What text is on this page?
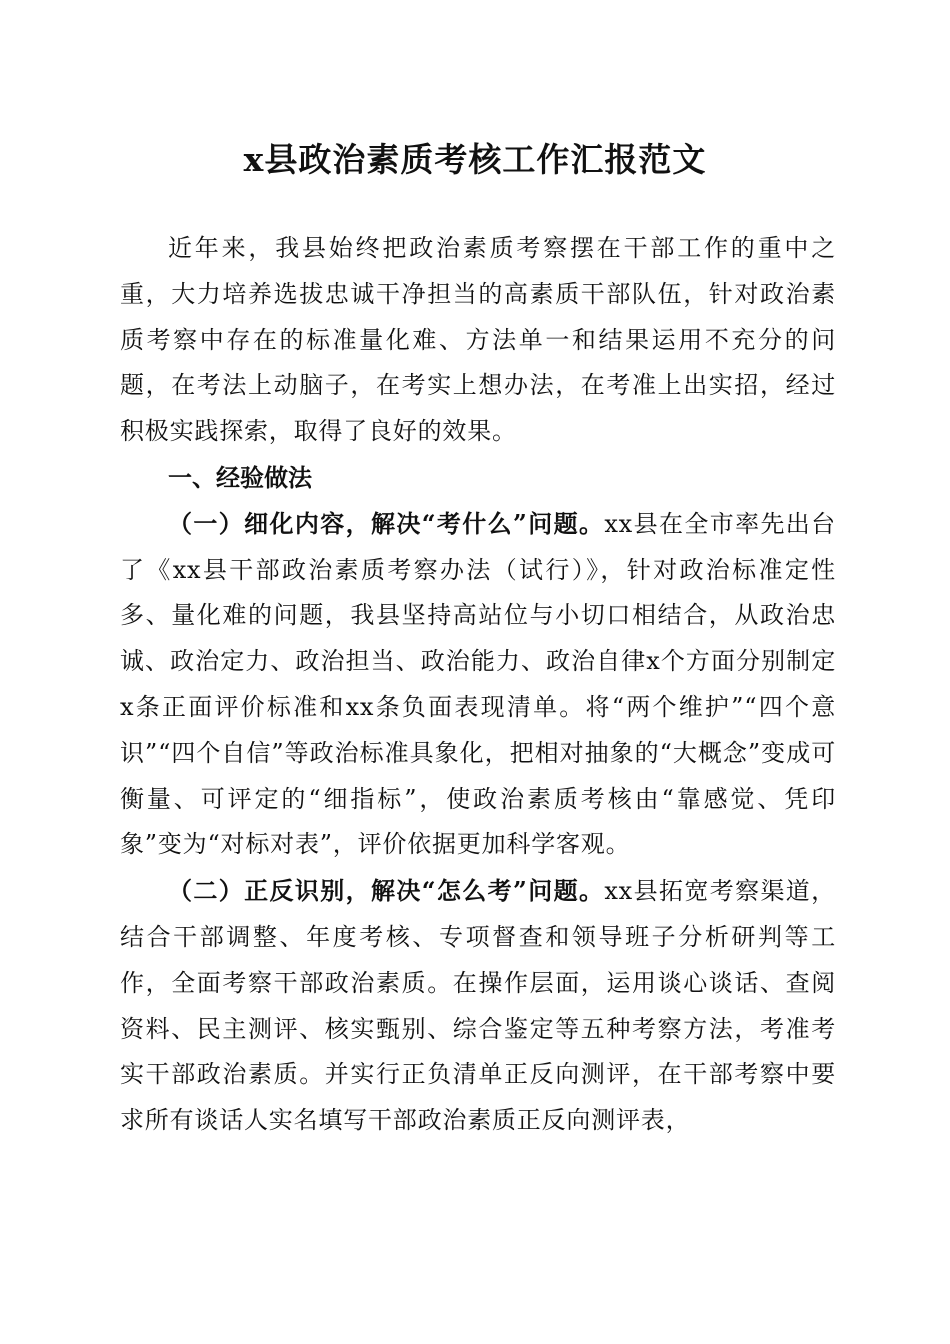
x县政治素质考核工作汇报范文

近年来，我县始终把政治素质考察摆在干部工作的重中之重，大力培养选拔忠诚干净担当的高素质干部队伍，针对政治素质考察中存在的标准量化难、方法单一和结果运用不充分的问题，在考法上动脑子，在考实上想办法，在考准上出实招，经过积极实践探索，取得了良好的效果。

一、经验做法

（一）细化内容，解决“考什么”问题。xx县在全市率先出台了《xx县干部政治素质考察办法（试行）》，针对政治标准定性多、量化难的问题，我县坚持高站位与小切口相结合，从政治忠诚、政治定力、政治担当、政治能力、政治自律x个方面分别制定x条正面评价标准和xx条负面表现清单。将“两个维护”“四个意识”“四个自信”等政治标准具象化，把相对抽象的“大概念”变成可衡量、可评定的“细指标”，使政治素质考核由“靠感觉、凭印象”变为“对标对表”，评价依据更加科学客观。

（二）正反识别，解决“怎么考”问题。xx县拓宽考察渠道，结合干部调整、年度考核、专项督查和领导班子分析研判等工作，全面考察干部政治素质。在操作层面，运用谈心谈话、查阅资料、民主测评、核实甄别、综合鉴定等五种考察方法，考准考实干部政治素质。并实行正负清单正反向测评，在干部考察中要求所有谈话人实名填写干部政治素质正反向测评表，
